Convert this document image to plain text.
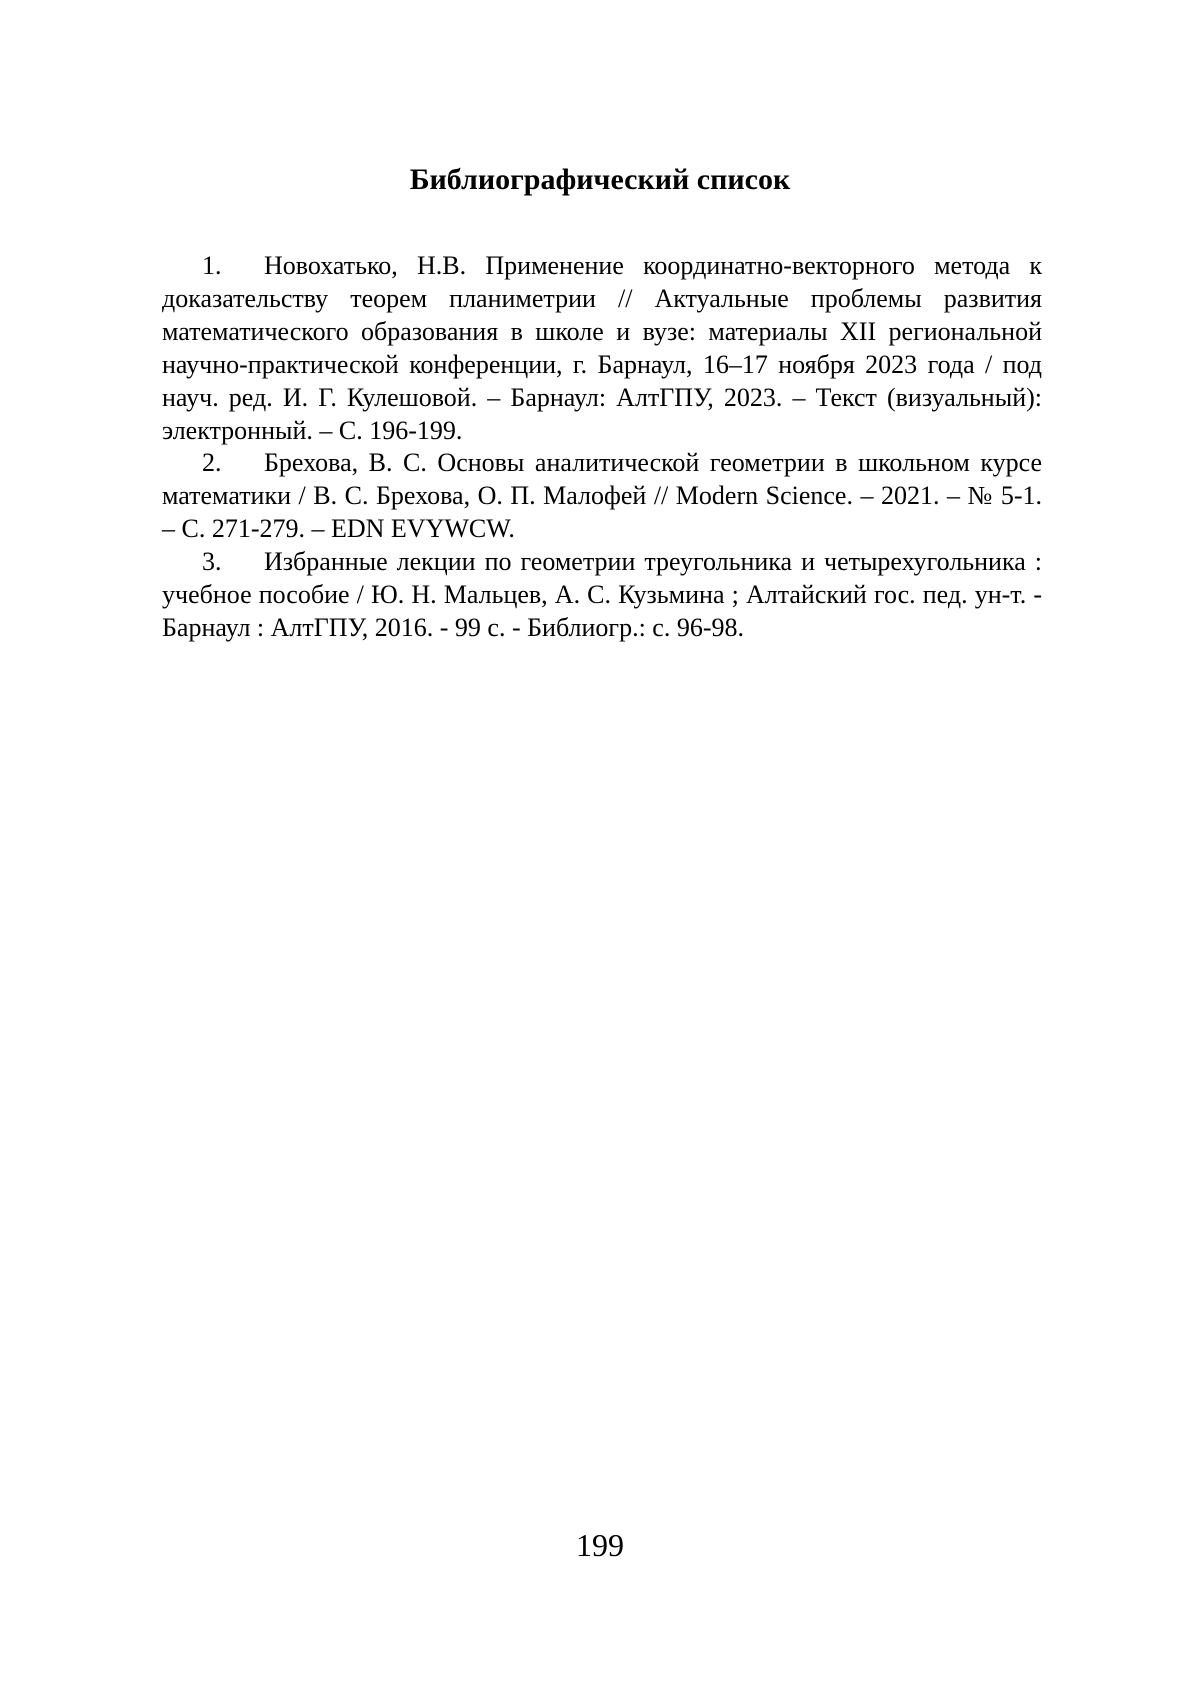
Библиографический список
1. Новохатько, Н.В. Применение координатно-векторного метода к доказательству теорем планиметрии // Актуальные проблемы развития математического образования в школе и вузе: материалы XII региональной научно-практической конференции, г. Барнаул, 16–17 ноября 2023 года / под науч. ред. И. Г. Кулешовой. – Барнаул: АлтГПУ, 2023. – Текст (визуальный): электронный. – С. 196-199.
2. Брехова, В. С. Основы аналитической геометрии в школьном курсе математики / В. С. Брехова, О. П. Малофей // Modern Science. – 2021. – № 5-1. – С. 271-279. – EDN EVYWCW.
3. Избранные лекции по геометрии треугольника и четырехугольника : учебное пособие / Ю. Н. Мальцев, А. С. Кузьмина ; Алтайский гос. пед. ун-т. - Барнаул : АлтГПУ, 2016. - 99 с. - Библиогр.: с. 96-98.
199
